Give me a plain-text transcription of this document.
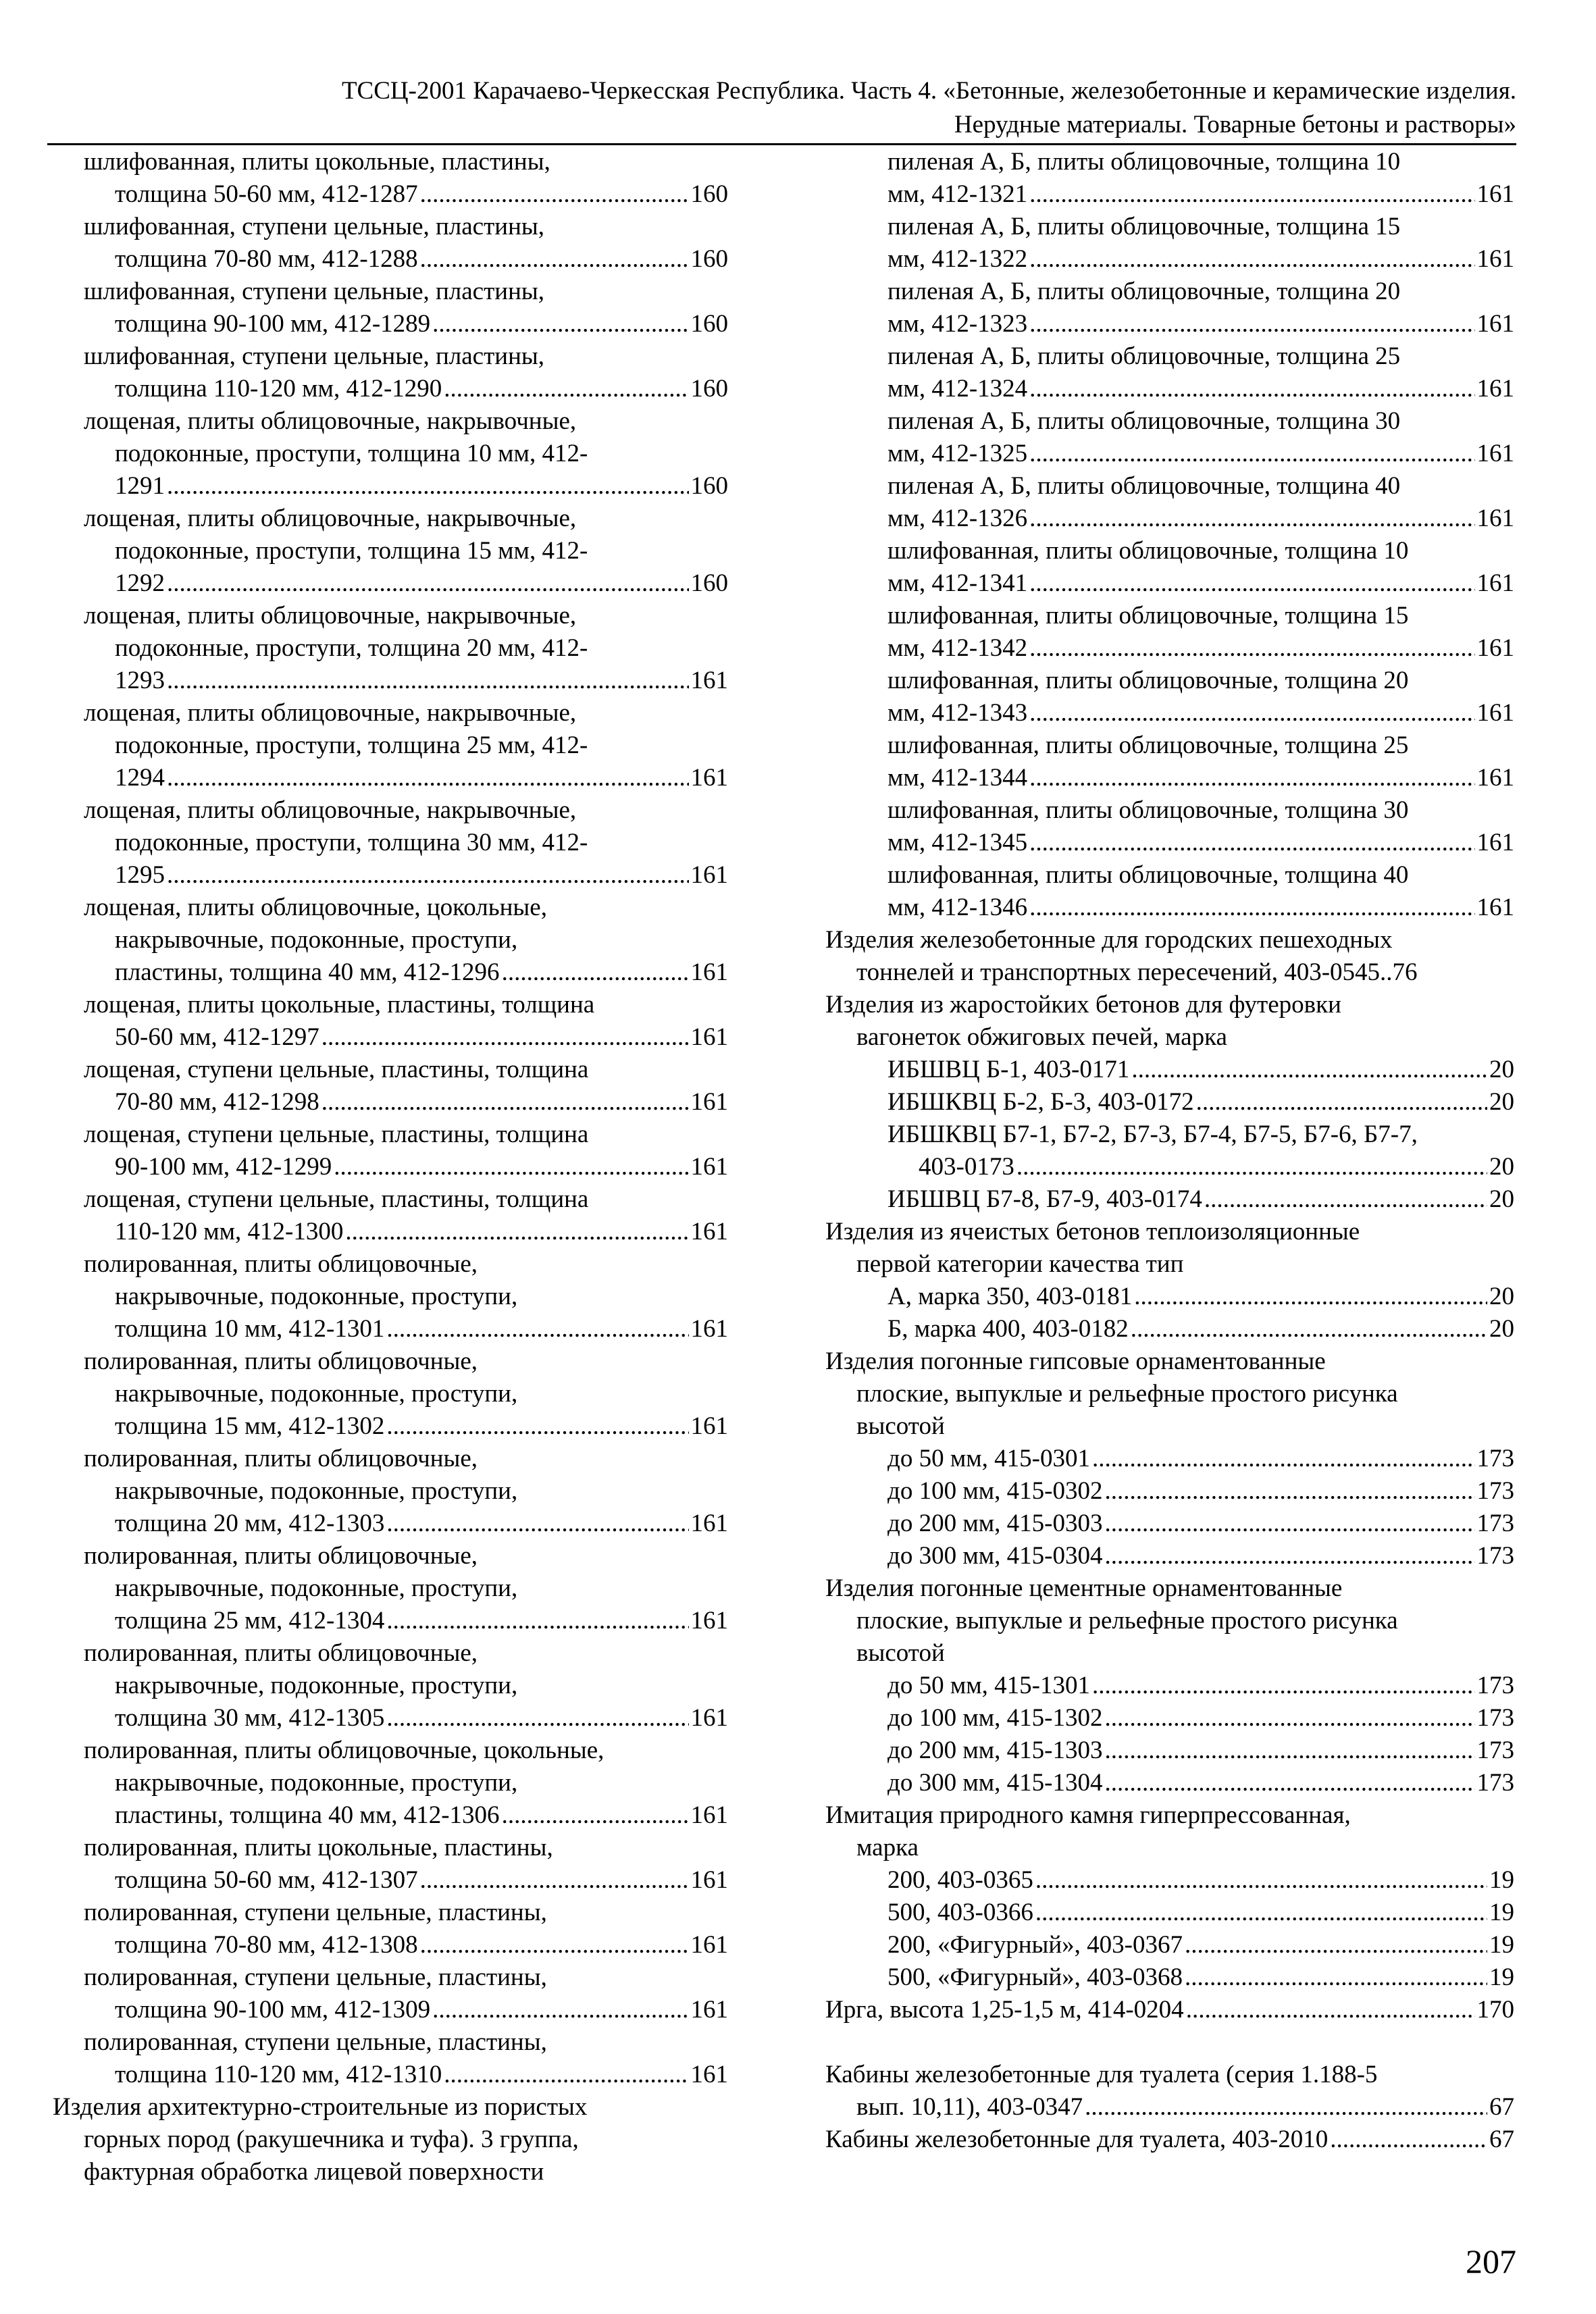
ТССЦ-2001 Карачаево-Черкесская Республика. Часть 4. «Бетонные, железобетонные и керамические изделия.
Нерудные материалы. Товарные бетоны и растворы»
шлифованная, плиты цокольные, пластины,
толщина 50-60 мм, 412-1287 .....	160
шлифованная, ступени цельные, пластины,
толщина 70-80 мм, 412-1288 .....	160
шлифованная, ступени цельные, пластины,
толщина 90-100 мм, 412-1289 .....	160
шлифованная, ступени цельные, пластины,
толщина 110-120 мм, 412-1290 .....	160
лощеная, плиты облицовочные, накрывочные,
подоконные, проступи, толщина 10 мм, 412-
1291 .....	160
лощеная, плиты облицовочные, накрывочные,
подоконные, проступи, толщина 15 мм, 412-
1292 .....	160
лощеная, плиты облицовочные, накрывочные,
подоконные, проступи, толщина 20 мм, 412-
1293 .....	161
лощеная, плиты облицовочные, накрывочные,
подоконные, проступи, толщина 25 мм, 412-
1294 .....	161
лощеная, плиты облицовочные, накрывочные,
подоконные, проступи, толщина 30 мм, 412-
1295 .....	161
лощеная, плиты облицовочные, цокольные,
накрывочные, подоконные, проступи,
пластины, толщина 40 мм, 412-1296 .....	161
лощеная, плиты цокольные, пластины, толщина
50-60 мм, 412-1297 .....	161
лощеная, ступени цельные, пластины, толщина
70-80 мм, 412-1298 .....	161
лощеная, ступени цельные, пластины, толщина
90-100 мм, 412-1299 .....	161
лощеная, ступени цельные, пластины, толщина
110-120 мм, 412-1300 .....	161
полированная, плиты облицовочные,
накрывочные, подоконные, проступи,
толщина 10 мм, 412-1301 .....	161
полированная, плиты облицовочные,
накрывочные, подоконные, проступи,
толщина 15 мм, 412-1302 .....	161
полированная, плиты облицовочные,
накрывочные, подоконные, проступи,
толщина 20 мм, 412-1303 .....	161
полированная, плиты облицовочные,
накрывочные, подоконные, проступи,
толщина 25 мм, 412-1304 .....	161
полированная, плиты облицовочные,
накрывочные, подоконные, проступи,
толщина 30 мм, 412-1305 .....	161
полированная, плиты облицовочные, цокольные,
накрывочные, подоконные, проступи,
пластины, толщина 40 мм, 412-1306 .....	161
полированная, плиты цокольные, пластины,
толщина 50-60 мм, 412-1307 .....	161
полированная, ступени цельные, пластины,
толщина 70-80 мм, 412-1308 .....	161
полированная, ступени цельные, пластины,
толщина 90-100 мм, 412-1309 .....	161
полированная, ступени цельные, пластины,
толщина 110-120 мм, 412-1310 .....	161
Изделия архитектурно-строительные из пористых
горных пород (ракушечника и туфа). 3 группа,
фактурная обработка лицевой поверхности
пиленая А, Б, плиты облицовочные, толщина 10
мм, 412-1321 .....	161
пиленая А, Б, плиты облицовочные, толщина 15
мм, 412-1322 .....	161
пиленая А, Б, плиты облицовочные, толщина 20
мм, 412-1323 .....	161
пиленая А, Б, плиты облицовочные, толщина 25
мм, 412-1324 .....	161
пиленая А, Б, плиты облицовочные, толщина 30
мм, 412-1325 .....	161
пиленая А, Б, плиты облицовочные, толщина 40
мм, 412-1326 .....	161
шлифованная, плиты облицовочные, толщина 10
мм, 412-1341 .....	161
шлифованная, плиты облицовочные, толщина 15
мм, 412-1342 .....	161
шлифованная, плиты облицовочные, толщина 20
мм, 412-1343 .....	161
шлифованная, плиты облицовочные, толщина 25
мм, 412-1344 .....	161
шлифованная, плиты облицовочные, толщина 30
мм, 412-1345 .....	161
шлифованная, плиты облицовочные, толщина 40
мм, 412-1346 .....	161
Изделия железобетонные для городских пешеходных
тоннелей и транспортных пересечений, 403-0545..76
Изделия из жаростойких бетонов для футеровки
вагонеток обжиговых печей, марка
ИБШВЦ Б-1, 403-0171 .....	20
ИБШКВЦ Б-2, Б-3, 403-0172 .....	20
ИБШКВЦ Б7-1, Б7-2, Б7-3, Б7-4, Б7-5, Б7-6, Б7-7,
403-0173 .....	20
ИБШВЦ Б7-8, Б7-9, 403-0174 .....	20
Изделия из ячеистых бетонов теплоизоляционные
первой категории качества тип
А, марка 350, 403-0181 .....	20
Б, марка 400, 403-0182 .....	20
Изделия погонные гипсовые орнаментованные
плоские, выпуклые и рельефные простого рисунка
высотой
до 50 мм, 415-0301 .....	173
до 100 мм, 415-0302 .....	173
до 200 мм, 415-0303 .....	173
до 300 мм, 415-0304 .....	173
Изделия погонные цементные орнаментованные
плоские, выпуклые и рельефные простого рисунка
высотой
до 50 мм, 415-1301 .....	173
до 100 мм, 415-1302 .....	173
до 200 мм, 415-1303 .....	173
до 300 мм, 415-1304 .....	173
Имитация природного камня гиперпрессованная,
марка
200, 403-0365 .....	19
500, 403-0366 .....	19
200, «Фигурный», 403-0367 .....	19
500, «Фигурный», 403-0368 .....	19
Ирга, высота 1,25-1,5 м, 414-0204 .....	170
Кабины железобетонные для туалета (серия 1.188-5
вып. 10,11), 403-0347 .....	67
Кабины железобетонные для туалета, 403-2010 .....	67
207
